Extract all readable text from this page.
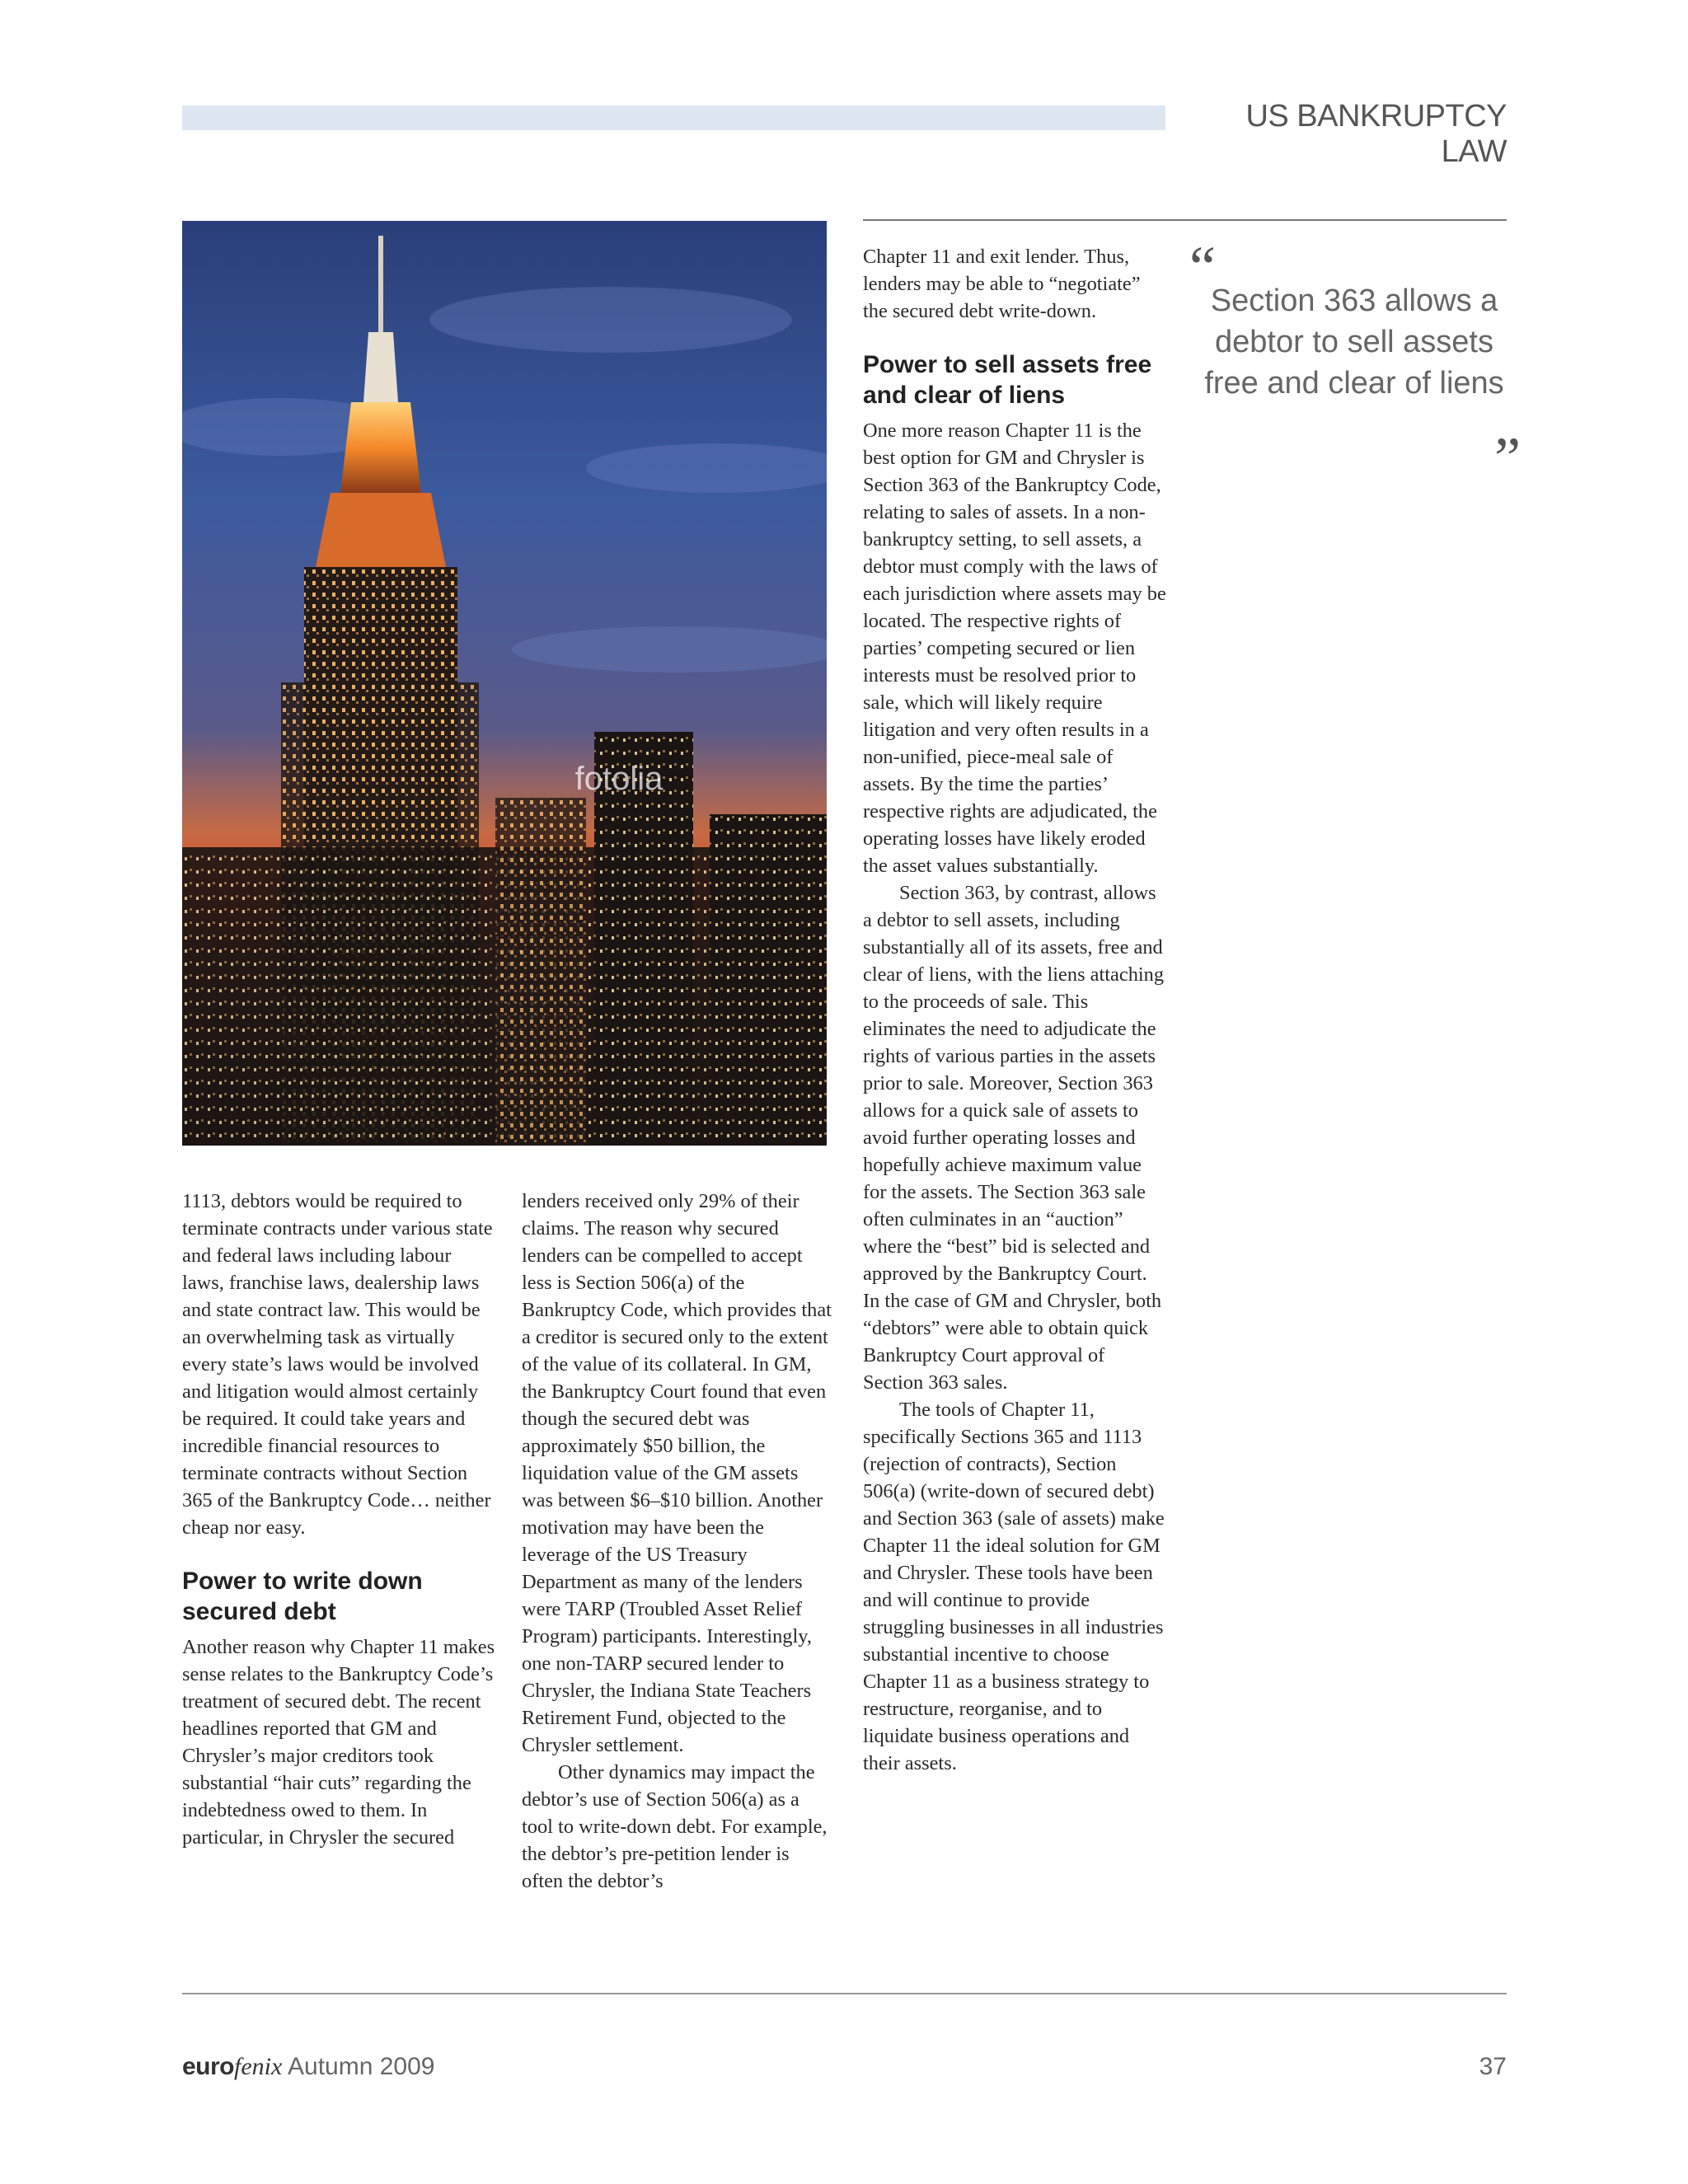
US BANKRUPTCY LAW
fotolia

1113, debtors would be required to terminate contracts under various state and federal laws including labour laws, franchise laws, dealership laws and state contract law. This would be an overwhelming task as virtually every state’s laws would be involved and litigation would almost certainly be required. It could take years and incredible financial resources to terminate contracts without Section 365 of the Bankruptcy Code… neither cheap nor easy.

Power to write down secured debt

Another reason why Chapter 11 makes sense relates to the Bankruptcy Code’s treatment of secured debt. The recent headlines reported that GM and Chrysler’s major creditors took substantial “hair cuts” regarding the indebtedness owed to them. In particular, in Chrysler the secured

lenders received only 29% of their claims. The reason why secured lenders can be compelled to accept less is Section 506(a) of the Bankruptcy Code, which provides that a creditor is secured only to the extent of the value of its collateral. In GM, the Bankruptcy Court found that even though the secured debt was approximately $50 billion, the liquidation value of the GM assets was between $6–$10 billion. Another motivation may have been the leverage of the US Treasury Department as many of the lenders were TARP (Troubled Asset Relief Program) participants. Interestingly, one non-TARP secured lender to Chrysler, the Indiana State Teachers Retirement Fund, objected to the Chrysler settlement.

Other dynamics may impact the debtor’s use of Section 506(a) as a tool to write-down debt. For example, the debtor’s pre-petition lender is often the debtor’s

Chapter 11 and exit lender. Thus, lenders may be able to “negotiate” the secured debt write-down.

Power to sell assets free and clear of liens

One more reason Chapter 11 is the best option for GM and Chrysler is Section 363 of the Bankruptcy Code, relating to sales of assets. In a non-bankruptcy setting, to sell assets, a debtor must comply with the laws of each jurisdiction where assets may be located. The respective rights of parties’ competing secured or lien interests must be resolved prior to sale, which will likely require litigation and very often results in a non-unified, piece-meal sale of assets. By the time the parties’ respective rights are adjudicated, the operating losses have likely eroded the asset values substantially.

Section 363, by contrast, allows a debtor to sell assets, including substantially all of its assets, free and clear of liens, with the liens attaching to the proceeds of sale. This eliminates the need to adjudicate the rights of various parties in the assets prior to sale. Moreover, Section 363 allows for a quick sale of assets to avoid further operating losses and hopefully achieve maximum value for the assets. The Section 363 sale often culminates in an “auction” where the “best” bid is selected and approved by the Bankruptcy Court. In the case of GM and Chrysler, both “debtors” were able to obtain quick Bankruptcy Court approval of Section 363 sales.

The tools of Chapter 11, specifically Sections 365 and 1113 (rejection of contracts), Section 506(a) (write-down of secured debt) and Section 363 (sale of assets) make Chapter 11 the ideal solution for GM and Chrysler. These tools have been and will continue to provide struggling businesses in all industries substantial incentive to choose Chapter 11 as a business strategy to restructure, reorganise, and to liquidate business operations and their assets.

“
Section 363 allows a debtor to sell assets free and clear of liens
”
eurofenix Autumn 2009	37
